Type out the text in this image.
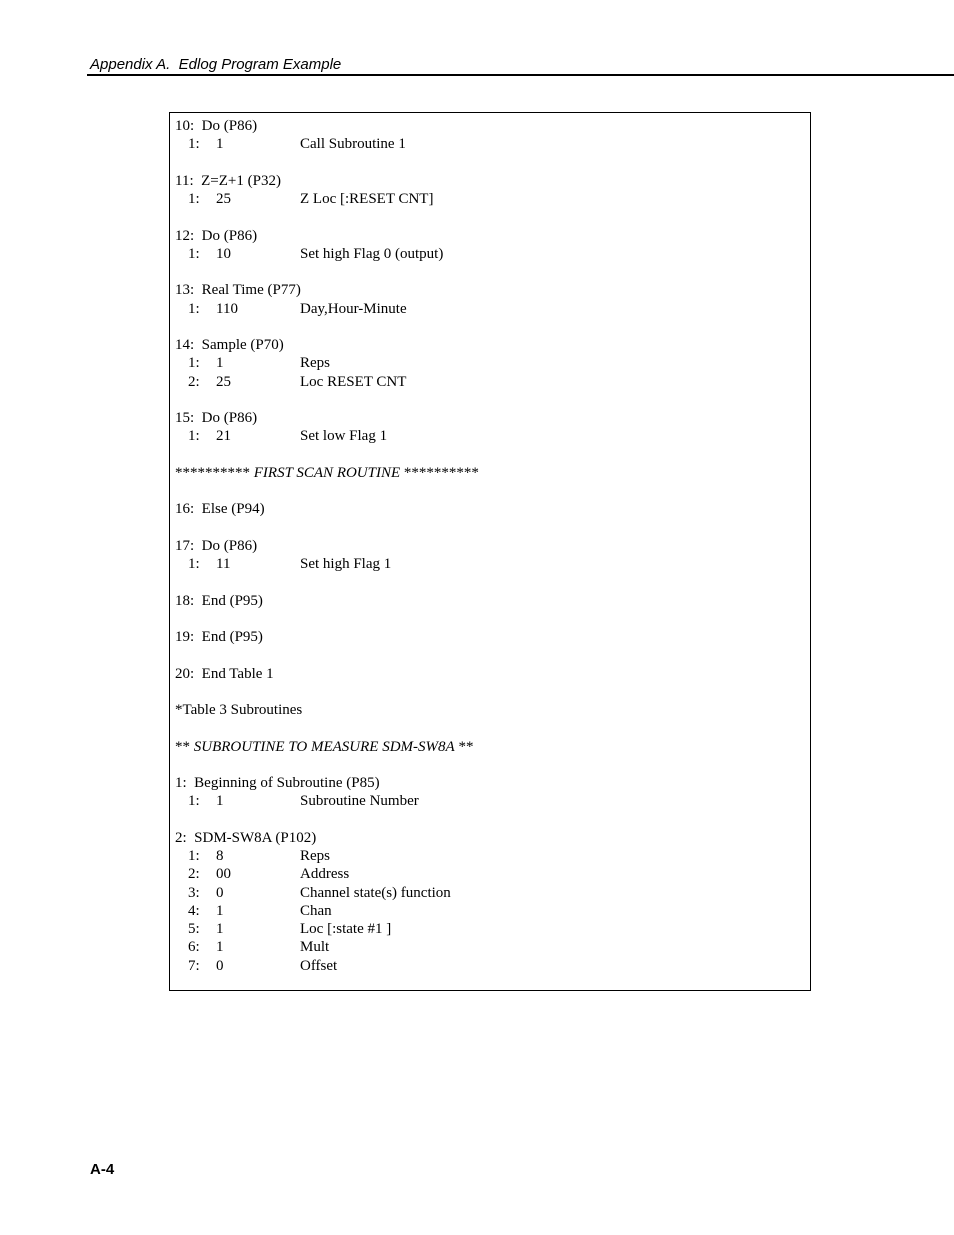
Appendix A.  Edlog Program Example
10:  Do (P86)
1: 1	Call Subroutine 1
11:  Z=Z+1 (P32)
1: 25	Z Loc [:RESET CNT]
12:  Do (P86)
1: 10	Set high Flag 0 (output)
13:  Real Time (P77)
1: 110	Day,Hour-Minute
14:  Sample (P70)
1: 1	Reps
2: 25	Loc RESET CNT
15:  Do (P86)
1: 21	Set low Flag 1
********** FIRST SCAN ROUTINE **********
16:  Else (P94)
17:  Do (P86)
1: 11	Set high Flag 1
18:  End (P95)
19:  End (P95)
20:  End Table 1
*Table 3 Subroutines
** SUBROUTINE TO MEASURE SDM-SW8A **
1:  Beginning of Subroutine (P85)
1: 1	Subroutine Number
2:  SDM-SW8A (P102)
1: 8	Reps
2: 00	Address
3: 0	Channel state(s) function
4: 1	Chan
5: 1	Loc [:state #1 ]
6: 1	Mult
7: 0	Offset
A-4
